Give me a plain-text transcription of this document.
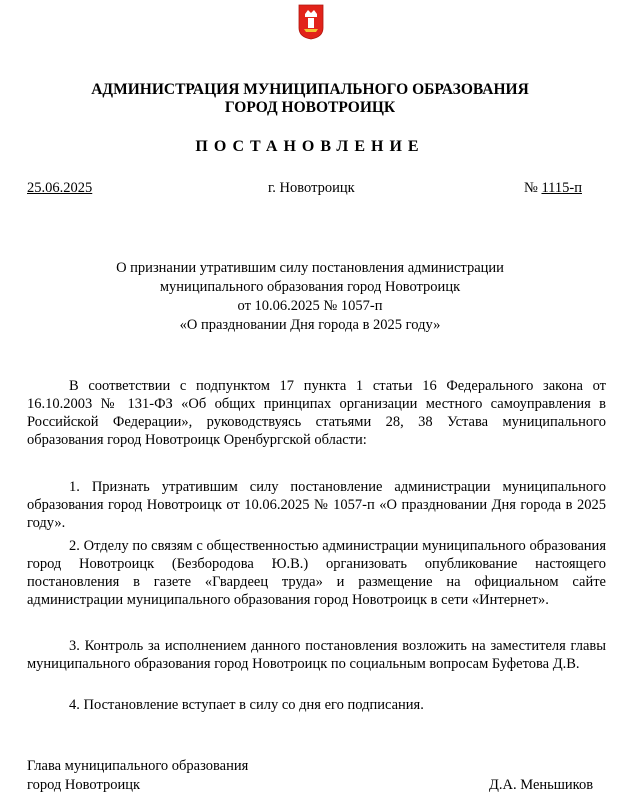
АДМИНИСТРАЦИЯ МУНИЦИПАЛЬНОГО ОБРАЗОВАНИЯ
ГОРОД НОВОТРОИЦК
ПОСТАНОВЛЕНИЕ
25.06.2025	г. Новотроицк	№ 1115-п
О признании утратившим силу постановления администрации
муниципального образования город Новотроицк
от 10.06.2025 № 1057-п
«О праздновании Дня города в 2025 году»

В соответствии с подпунктом 17 пункта 1 статьи 16 Федерального закона от 16.10.2003 № 131-ФЗ «Об общих принципах организации местного самоуправления в Российской Федерации», руководствуясь статьями 28, 38 Устава муниципального образования город Новотроицк Оренбургской области:

1. Признать утратившим силу постановление администрации муниципального образования город Новотроицк от 10.06.2025 № 1057-п «О праздновании Дня города в 2025 году».

2. Отделу по связям с общественностью администрации муниципального образования город Новотроицк (Безбородова Ю.В.) организовать опубликование настоящего постановления в газете «Гвардеец труда» и размещение на официальном сайте администрации муниципального образования город Новотроицк в сети «Интернет».

3. Контроль за исполнением данного постановления возложить на заместителя главы муниципального образования город Новотроицк по социальным вопросам Буфетова Д.В.

4. Постановление вступает в силу со дня его подписания.

Глава муниципального образования
город Новотроицк	Д.А. Меньшиков
